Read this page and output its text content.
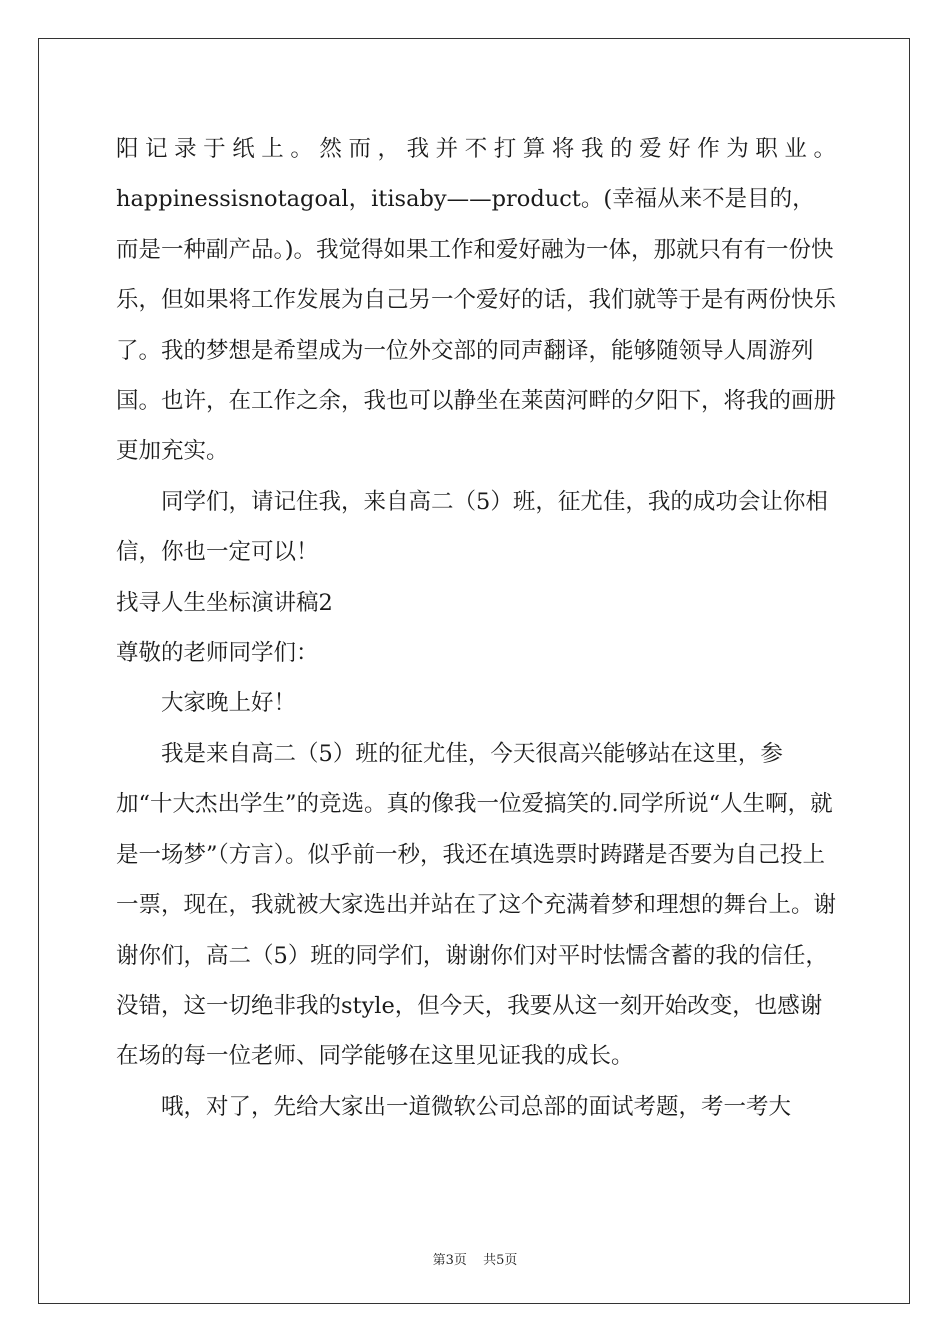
阳记录于纸上。然而，我并不打算将我的爱好作为职业。

happinessisnotagoal，itisaby——product。(幸福从来不是目的，而是一种副产品。)。我觉得如果工作和爱好融为一体，那就只有有一份快乐，但如果将工作发展为自己另一个爱好的话，我们就等于是有两份快乐了。我的梦想是希望成为一位外交部的同声翻译，能够随领导人周游列国。也许，在工作之余，我也可以静坐在莱茵河畔的夕阳下，将我的画册更加充实。

同学们，请记住我，来自高二（5）班，征尤佳，我的成功会让你相信，你也一定可以！

找寻人生坐标演讲稿2

尊敬的老师同学们：

大家晚上好！

我是来自高二（5）班的征尤佳，今天很高兴能够站在这里，参加“十大杰出学生”的竞选。真的像我一位爱搞笑的.同学所说“人生啊，就是一场梦”（方言）。似乎前一秒，我还在填选票时踌躇是否要为自己投上一票，现在，我就被大家选出并站在了这个充满着梦和理想的舞台上。谢谢你们，高二（5）班的同学们，谢谢你们对平时怯懦含蓄的我的信任，没错，这一切绝非我的style，但今天，我要从这一刻开始改变，也感谢在场的每一位老师、同学能够在这里见证我的成长。

哦，对了，先给大家出一道微软公司总部的面试考题，考一考大

第3页 共5页
